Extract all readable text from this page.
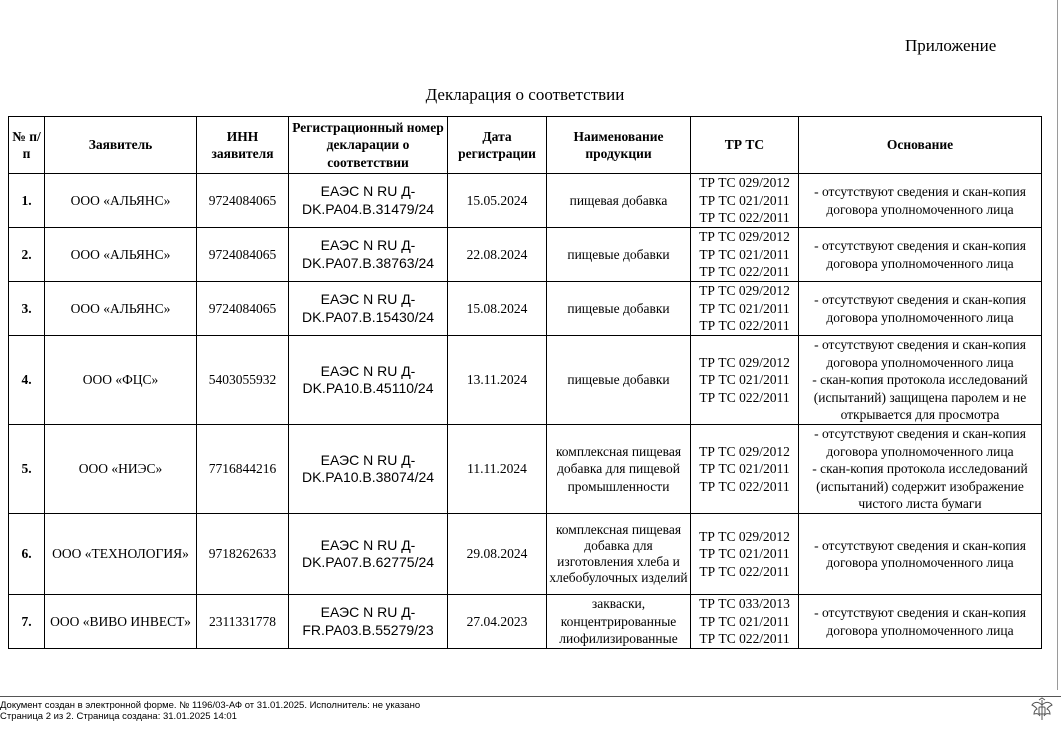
Приложение
Декларация о соответствии
№ п/п	Заявитель	ИНН заявителя	Регистрационный номер декларации о соответствии	Дата регистрации	Наименование продукции	ТР ТС	Основание
1.	ООО «АЛЬЯНС»	9724084065	ЕАЭС N RU Д-DK.PA04.B.31479/24	15.05.2024	пищевая добавка	ТР ТС 029/2012
ТР ТС 021/2011
ТР ТС 022/2011	- отсутствуют сведения и скан-копия договора уполномоченного лица

2.	ООО «АЛЬЯНС»	9724084065	ЕАЭС N RU Д-DK.PA07.B.38763/24	22.08.2024	пищевые добавки	ТР ТС 029/2012
ТР ТС 021/2011
ТР ТС 022/2011	- отсутствуют сведения и скан-копия договора уполномоченного лица

3.	ООО «АЛЬЯНС»	9724084065	ЕАЭС N RU Д-DK.PA07.B.15430/24	15.08.2024	пищевые добавки	ТР ТС 029/2012
ТР ТС 021/2011
ТР ТС 022/2011	- отсутствуют сведения и скан-копия договора уполномоченного лица

4.	ООО «ФЦС»	5403055932	ЕАЭС N RU Д-DK.PA10.B.45110/24	13.11.2024	пищевые добавки	ТР ТС 029/2012
ТР ТС 021/2011
ТР ТС 022/2011	- отсутствуют сведения и скан-копия договора уполномоченного лица
- скан-копия протокола исследований (испытаний) защищена паролем и не открывается для просмотра

5.	ООО «НИЭС»	7716844216	ЕАЭС N RU Д-DK.PA10.B.38074/24	11.11.2024	комплексная пищевая добавка для пищевой промышленности	ТР ТС 029/2012
ТР ТС 021/2011
ТР ТС 022/2011	- отсутствуют сведения и скан-копия договора уполномоченного лица
- скан-копия протокола исследований (испытаний) содержит изображение чистого листа бумаги

6.	ООО «ТЕХНОЛОГИЯ»	9718262633	ЕАЭС N RU Д-DK.PA07.B.62775/24	29.08.2024	комплексная пищевая добавка для изготовления хлеба и хлебобулочных изделий	ТР ТС 029/2012
ТР ТС 021/2011
ТР ТС 022/2011	- отсутствуют сведения и скан-копия договора уполномоченного лица

7.	ООО «ВИВО ИНВЕСТ»	2311331778	ЕАЭС N RU Д-FR.PA03.B.55279/23	27.04.2023	закваски, концентрированные лиофилизированные	ТР ТС 033/2013
ТР ТС 021/2011
ТР ТС 022/2011	- отсутствуют сведения и скан-копия договора уполномоченного лица
Документ создан в электронной форме. № 1196/03-АФ от 31.01.2025. Исполнитель: не указано
Страница 2 из 2. Страница создана: 31.01.2025 14:01
